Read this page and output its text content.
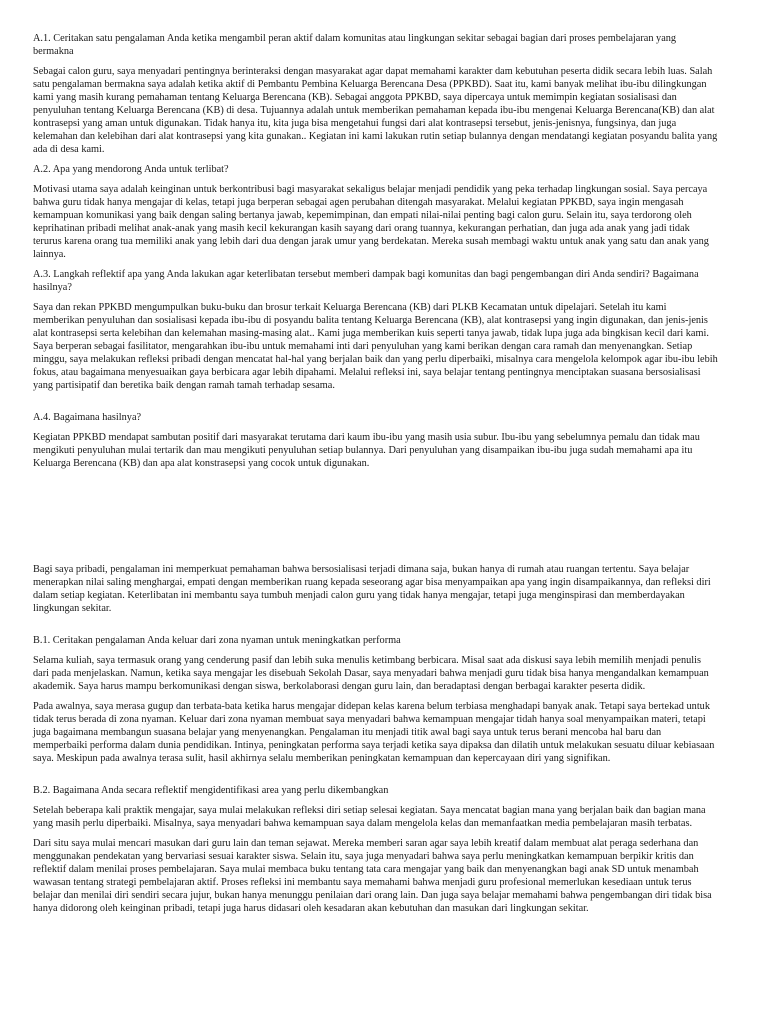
A.1. Ceritakan satu pengalaman Anda ketika mengambil peran aktif dalam komunitas atau lingkungan sekitar sebagai bagian dari proses pembelajaran yang bermakna

Sebagai calon guru, saya menyadari pentingnya berinteraksi dengan masyarakat agar dapat memahami karakter dam kebutuhan peserta didik secara lebih luas. Salah satu pengalaman bermakna saya adalah ketika aktif di Pembantu Pembina Keluarga Berencana Desa (PPKBD). Saat itu, kami banyak melihat ibu-ibu dilingkungan kami yang masih kurang pemahaman tentang Keluarga Berencana (KB). Sebagai anggota PPKBD, saya dipercaya untuk memimpin kegiatan sosialisasi dan penyuluhan tentang Keluarga Berencana (KB) di desa. Tujuannya adalah untuk memberikan pemahaman kepada ibu-ibu mengenai Keluarga Berencana(KB) dan alat kontrasepsi yang aman untuk digunakan. Tidak hanya itu, kita juga bisa mengetahui fungsi dari alat kontrasepsi tersebut, jenis-jenisnya, fungsinya, dan juga kelemahan dan kelebihan dari alat kontrasepsi yang kita gunakan.. Kegiatan ini kami lakukan rutin setiap bulannya dengan mendatangi kegiatan posyandu balita yang ada di desa kami.

A.2. Apa yang mendorong Anda untuk terlibat?

Motivasi utama saya adalah keinginan untuk berkontribusi bagi masyarakat sekaligus belajar menjadi pendidik yang peka terhadap lingkungan sosial. Saya percaya bahwa guru tidak hanya mengajar di kelas, tetapi juga berperan sebagai agen perubahan ditengah masyarakat. Melalui kegiatan PPKBD, saya ingin mengasah kemampuan komunikasi yang baik dengan saling bertanya jawab, kepemimpinan, dan empati nilai-nilai penting bagi calon guru. Selain itu, saya terdorong oleh keprihatinan pribadi melihat anak-anak yang masih kecil kekurangan kasih sayang dari orang tuannya, kekurangan perhatian, dan juga ada anak yang jadi tidak terurus karena orang tua memiliki anak yang lebih dari dua dengan jarak umur yang berdekatan. Mereka susah membagi waktu untuk anak yang satu dan anak yang lainnya.

A.3. Langkah reflektif apa yang Anda lakukan agar keterlibatan tersebut memberi dampak bagi komunitas dan bagi pengembangan diri Anda sendiri? Bagaimana hasilnya?

Saya dan rekan PPKBD mengumpulkan buku-buku dan brosur terkait Keluarga Berencana (KB) dari PLKB Kecamatan untuk dipelajari. Setelah itu kami memberikan penyuluhan dan sosialisasi kepada ibu-ibu di posyandu balita tentang Keluarga Berencana (KB), alat kontrasepsi yang ingin digunakan, dan jenis-jenis alat kontrasepsi serta kelebihan dan kelemahan masing-masing alat.. Kami juga memberikan kuis seperti tanya jawab, tidak lupa juga ada bingkisan kecil dari kami. Saya berperan sebagai fasilitator, mengarahkan ibu-ibu untuk memahami inti dari penyuluhan yang kami berikan dengan cara ramah dan menyenangkan. Setiap minggu, saya melakukan refleksi pribadi dengan mencatat hal-hal yang berjalan baik dan yang perlu diperbaiki, misalnya cara mengelola kelompok agar ibu-ibu lebih fokus, atau bagaimana menyesuaikan gaya berbicara agar lebih dipahami. Melalui refleksi ini, saya belajar tentang pentingnya menciptakan suasana bersosialisasi yang partisipatif dan beretika baik dengan ramah tamah terhadap sesama.

A.4. Bagaimana hasilnya?

Kegiatan PPKBD mendapat sambutan positif dari masyarakat terutama dari kaum ibu-ibu yang masih usia subur. Ibu-ibu yang sebelumnya pemalu dan tidak mau mengikuti penyuluhan mulai tertarik dan mau mengikuti penyuluhan setiap bulannya. Dari penyuluhan yang disampaikan ibu-ibu juga sudah memahami apa itu Keluarga Berencana (KB) dan apa alat konstrasepsi yang cocok untuk digunakan.

Bagi saya pribadi, pengalaman ini memperkuat pemahaman bahwa bersosialisasi terjadi dimana saja, bukan hanya di rumah atau ruangan tertentu. Saya belajar menerapkan nilai saling menghargai, empati dengan memberikan ruang kepada seseorang agar bisa menyampaikan apa yang ingin disampaikannya, dan refleksi diri dalam setiap kegiatan. Keterlibatan ini membantu saya tumbuh menjadi calon guru yang tidak hanya mengajar, tetapi juga menginspirasi dan memberdayakan lingkungan sekitar.

B.1. Ceritakan pengalaman Anda keluar dari zona nyaman untuk meningkatkan performa

Selama kuliah, saya termasuk orang yang cenderung pasif dan lebih suka menulis ketimbang berbicara. Misal saat ada diskusi saya lebih memilih menjadi penulis dari pada menjelaskan. Namun, ketika saya mengajar les disebuah Sekolah Dasar, saya menyadari bahwa menjadi guru tidak bisa hanya mengandalkan kemampuan akademik. Saya harus mampu berkomunikasi dengan siswa, berkolaborasi dengan guru lain, dan beradaptasi dengan berbagai karakter peserta didik.

Pada awalnya, saya merasa gugup dan terbata-bata ketika harus mengajar didepan kelas karena belum terbiasa menghadapi banyak anak. Tetapi saya bertekad untuk tidak terus berada di zona nyaman. Keluar dari zona nyaman membuat saya menyadari bahwa kemampuan mengajar tidah hanya soal menyampaikan materi, tetapi juga bagaimana membangun suasana belajar yang menyenangkan. Pengalaman itu menjadi titik awal bagi saya untuk terus berani mencoba hal baru dan memperbaiki performa dalam dunia pendidikan. Intinya, peningkatan performa saya terjadi ketika saya dipaksa dan dilatih untuk melakukan sesuatu diluar kebiasaan saya. Meskipun pada awalnya terasa sulit, hasil akhirnya selalu memberikan peningkatan kemampuan dan kepercayaan diri yang signifikan.

B.2. Bagaimana Anda secara reflektif mengidentifikasi area yang perlu dikembangkan

Setelah beberapa kali praktik mengajar, saya mulai melakukan refleksi diri setiap selesai kegiatan. Saya mencatat bagian mana yang berjalan baik dan bagian mana yang masih perlu diperbaiki. Misalnya, saya menyadari bahwa kemampuan saya dalam mengelola kelas dan memanfaatkan media pembelajaran masih terbatas.

Dari situ saya mulai mencari masukan dari guru lain dan teman sejawat. Mereka memberi saran agar saya lebih kreatif dalam membuat alat peraga sederhana dan menggunakan pendekatan yang bervariasi sesuai karakter siswa. Selain itu, saya juga menyadari bahwa saya perlu meningkatkan kemampuan berpikir kritis dan reflektif dalam menilai proses pembelajaran. Saya mulai membaca buku tentang tata cara mengajar yang baik dan menyenangkan bagi anak SD untuk menambah wawasan tentang strategi pembelajaran aktif. Proses refleksi ini membantu saya memahami bahwa menjadi guru profesional memerlukan kesediaan untuk terus belajar dan menilai diri sendiri secara jujur, bukan hanya menunggu penilaian dari orang lain. Dan juga saya belajar memahami bahwa pengembangan diri tidak bisa hanya didorong oleh keinginan pribadi, tetapi juga harus didasari oleh kesadaran akan kebutuhan dan masukan dari lingkungan sekitar.
